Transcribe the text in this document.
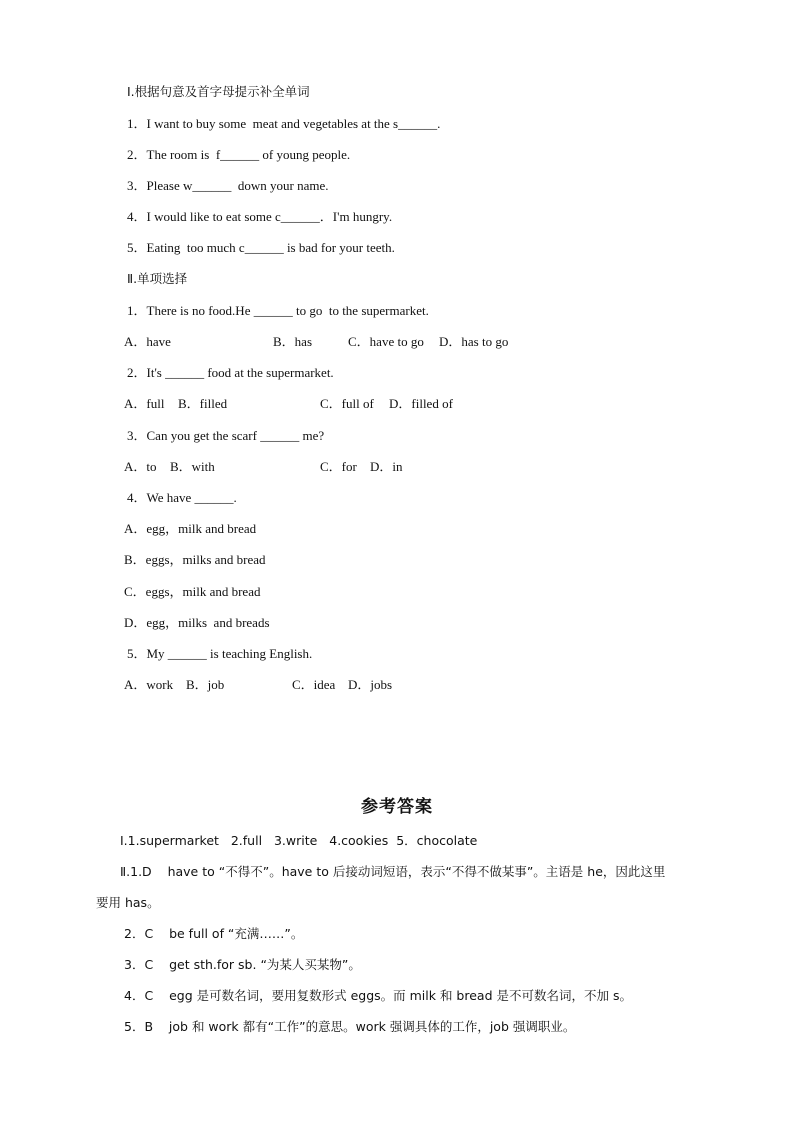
Ⅰ.根据句意及首字母提示补全单词
1．I want to buy some  meat and vegetables at the s______.
2．The room is  f______ of young people.
3．Please w______  down your name.
4．I would like to eat some c______．I'm hungry.
5．Eating  too much c______ is bad for your teeth.
Ⅱ.单项选择
1．There is no food.He ______ to go  to the supermarket.
A．have	B．has	C．have to go D．has to go
2．It's ______ food at the supermarket.
A．full B．filled	C．full of D．filled of
3．Can you get the scarf ______ me?
A．to B．with	C．for D．in
4．We have ______.
A．egg，milk and bread
B．eggs，milks and bread
C．eggs，milk and bread
D．egg，milks  and breads
5．My ______ is teaching English.
A．work B．job	C．idea D．jobs
参考答案
Ⅰ.1.supermarket   2.full   3.write   4.cookies  5．chocolate
Ⅱ.1.D    have to “不得不”。have to 后接动词短语，表示“不得不做某事”。主语是 he，因此这里
要用 has。
2．C    be full of “充满……”。
3．C    get sth.for sb. “为某人买某物”。
4．C    egg 是可数名词，要用复数形式 eggs。而 milk 和 bread 是不可数名词，不加 s。
5．B    job 和 work 都有“工作”的意思。work 强调具体的工作，job 强调职业。
